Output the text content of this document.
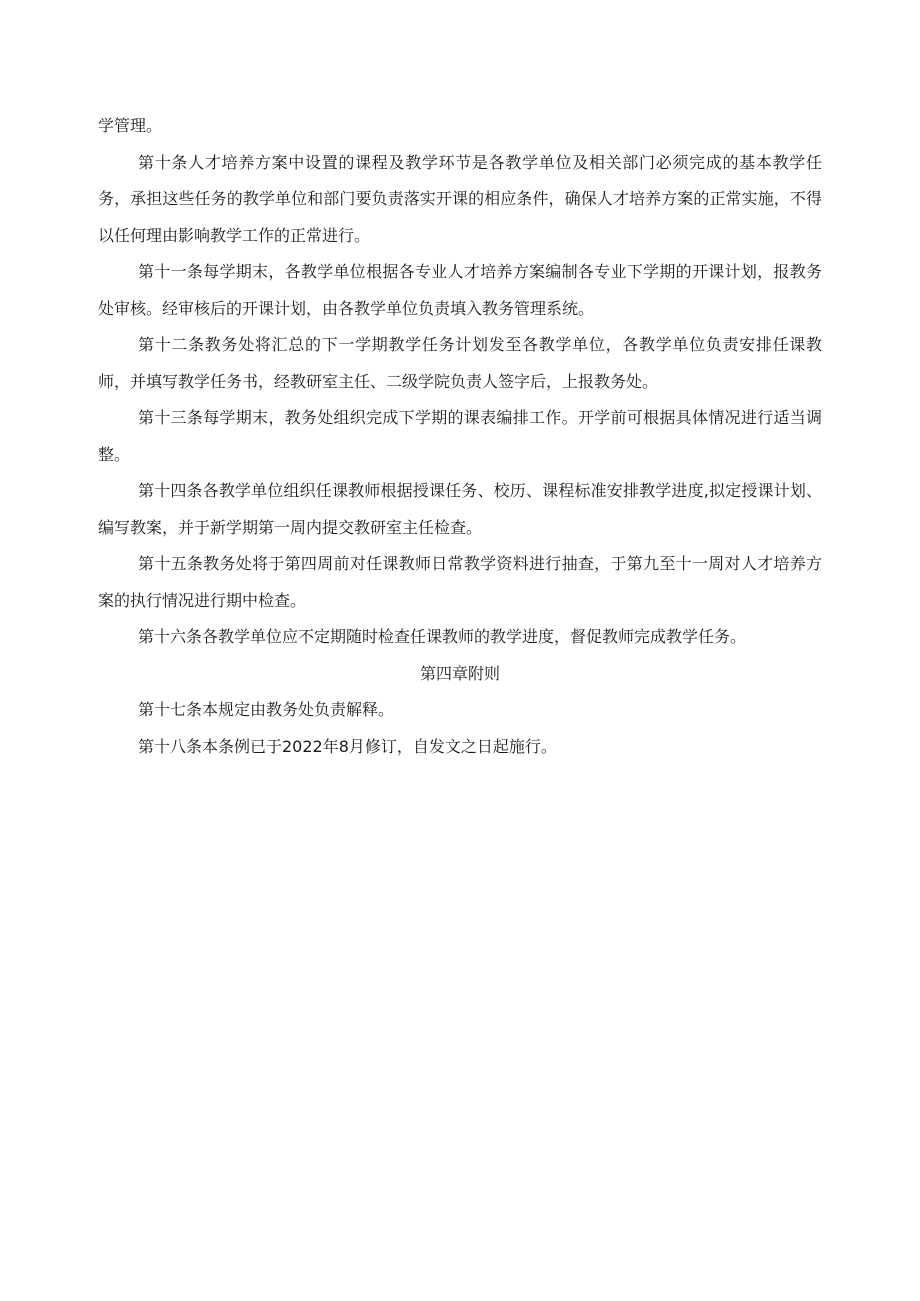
学管理。

第十条人才培养方案中设置的课程及教学环节是各教学单位及相关部门必须完成的基本教学任务，承担这些任务的教学单位和部门要负责落实开课的相应条件，确保人才培养方案的正常实施，不得以任何理由影响教学工作的正常进行。

第十一条每学期末，各教学单位根据各专业人才培养方案编制各专业下学期的开课计划，报教务处审核。经审核后的开课计划，由各教学单位负责填入教务管理系统。

第十二条教务处将汇总的下一学期教学任务计划发至各教学单位，各教学单位负责安排任课教师，并填写教学任务书，经教研室主任、二级学院负责人签字后，上报教务处。

第十三条每学期末，教务处组织完成下学期的课表编排工作。开学前可根据具体情况进行适当调整。

第十四条各教学单位组织任课教师根据授课任务、校历、课程标准安排教学进度,拟定授课计划、编写教案，并于新学期第一周内提交教研室主任检查。

第十五条教务处将于第四周前对任课教师日常教学资料进行抽查，于第九至十一周对人才培养方案的执行情况进行期中检查。

第十六条各教学单位应不定期随时检查任课教师的教学进度，督促教师完成教学任务。

第四章附则

第十七条本规定由教务处负责解释。

第十八条本条例已于2022年8月修订，自发文之日起施行。
